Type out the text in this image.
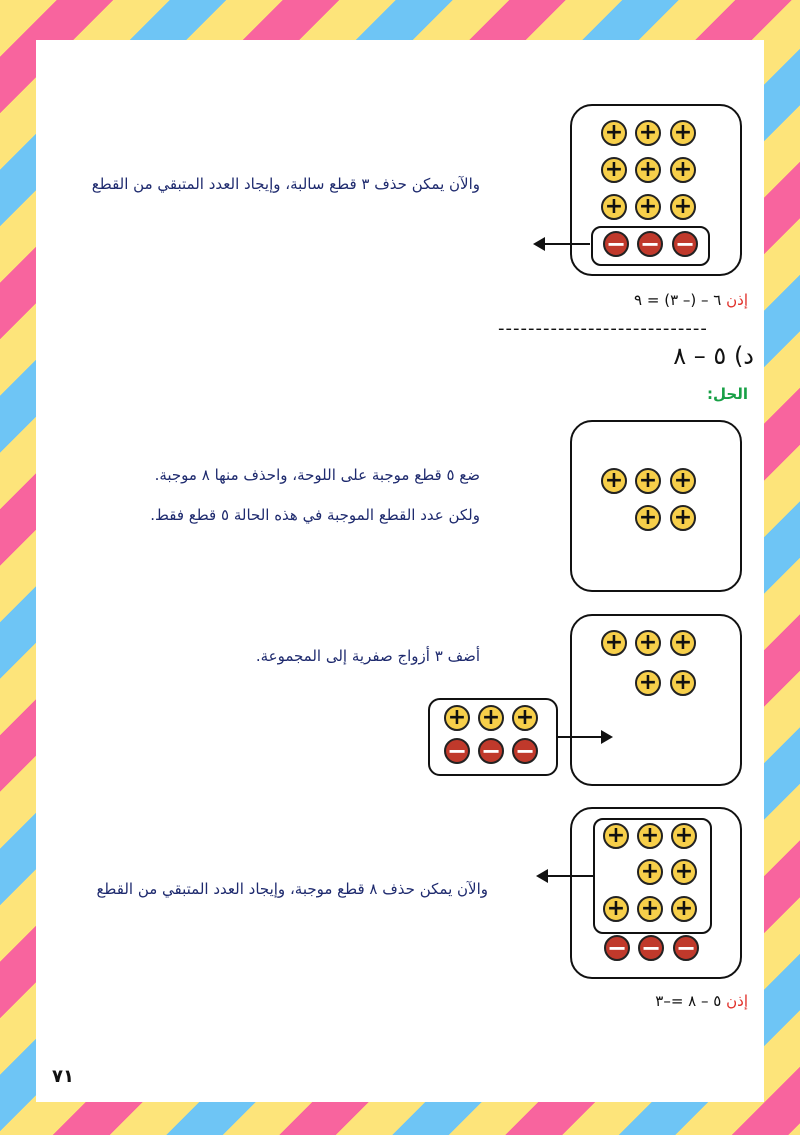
+ + +
+ + +
+ + +
− − −
والآن يمكن حذف ٣ قطع سالبة، وإيجاد العدد المتبقي من القطع
إذن ٦ – (– ٣) = ٩
----------------------------
د) ٥ – ٨
الحل:
+ + +
+ +
ضع ٥ قطع موجبة على اللوحة، واحذف منها ٨ موجبة.
ولكن عدد القطع الموجبة في هذه الحالة ٥ قطع فقط.
+ + +
+ +
+ + +
− − −
أضف ٣ أزواج صفرية إلى المجموعة.
+ + +
+ +
+ + +
− − −
والآن يمكن حذف ٨ قطع موجبة، وإيجاد العدد المتبقي من القطع
إذن ٥ – ٨ =–٣
٧١
